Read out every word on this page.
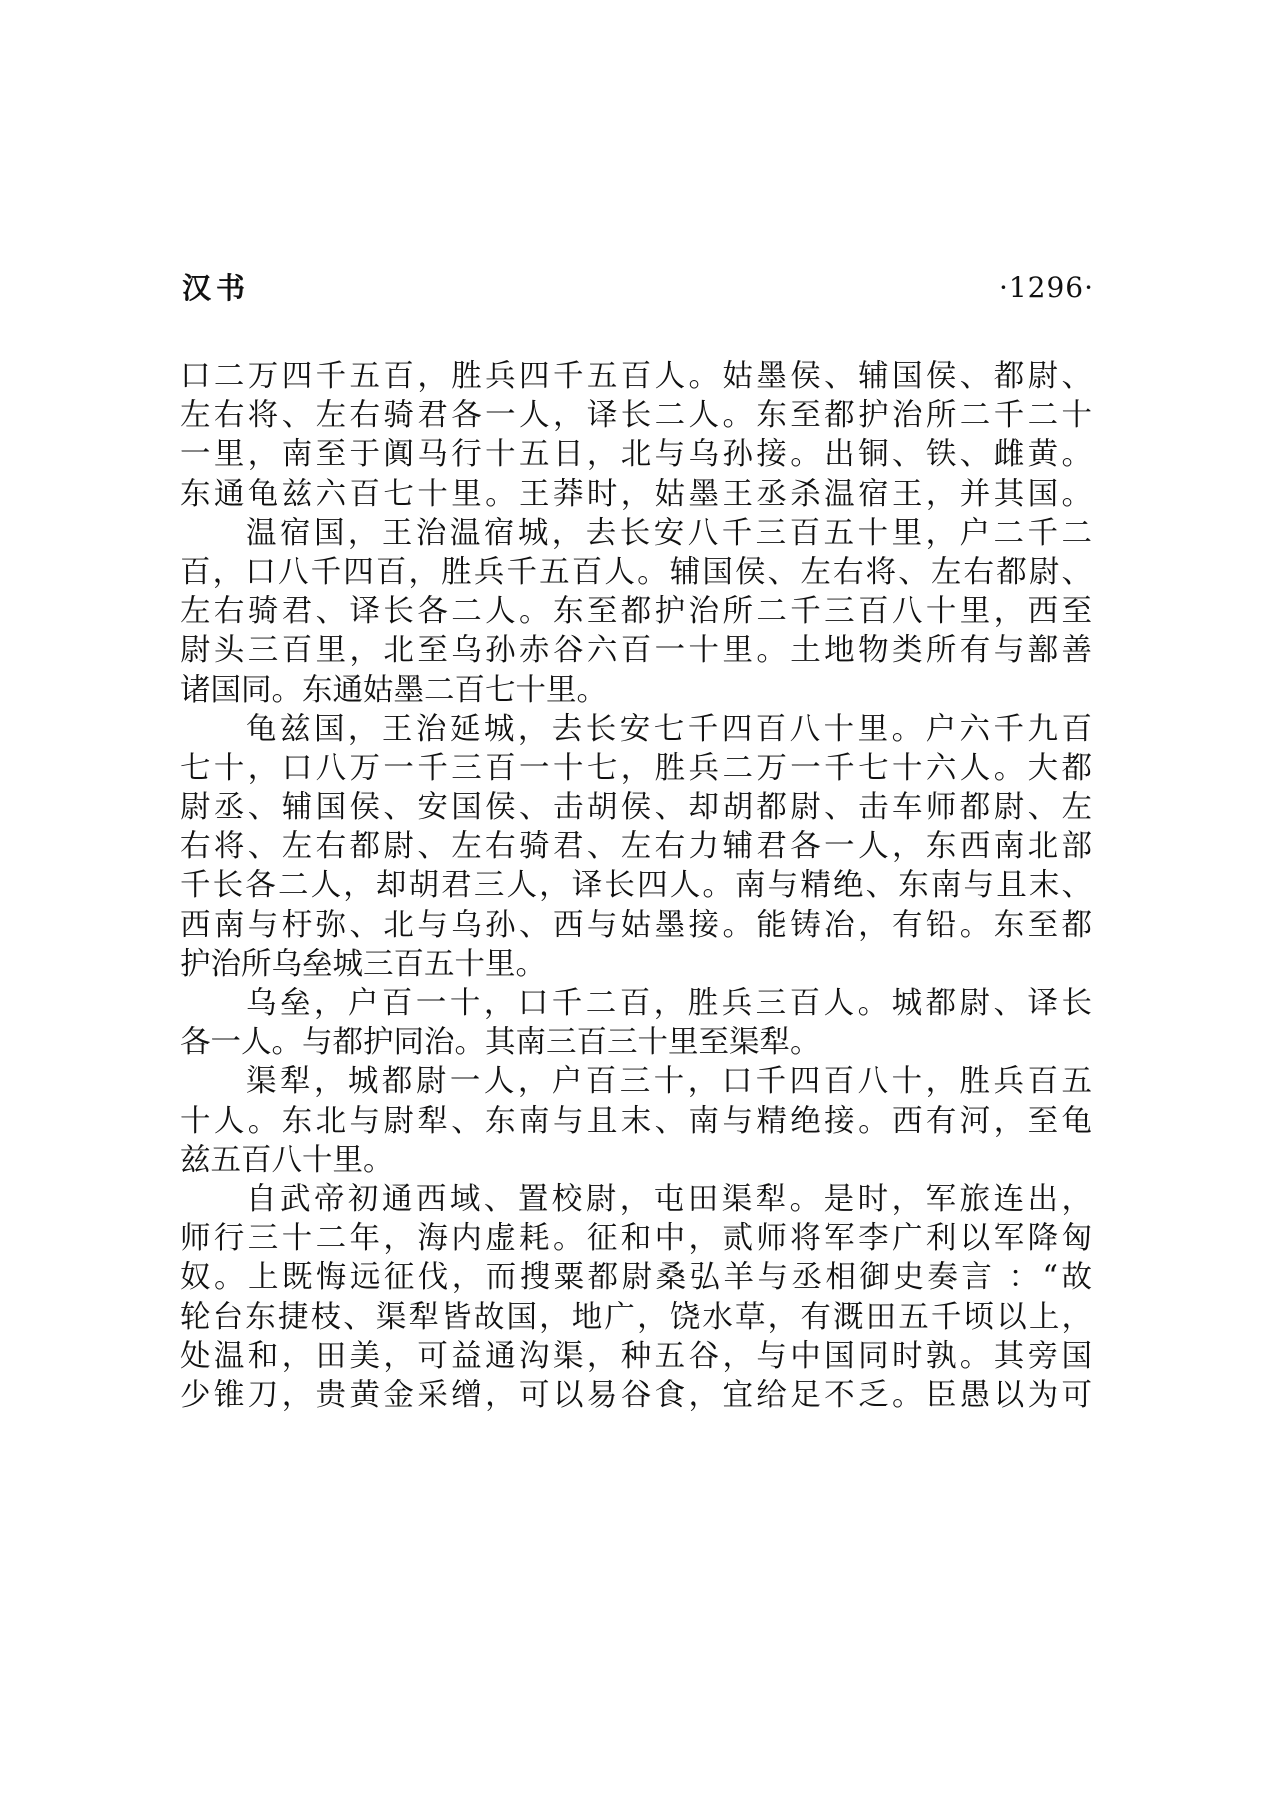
汉书	·1296·
口二万四千五百，胜兵四千五百人。姑墨侯、辅国侯、都尉、
左右将、左右骑君各一人，译长二人。东至都护治所二千二十
一里，南至于阗马行十五日，北与乌孙接。出铜、铁、雌黄。
东通龟兹六百七十里。王莽时，姑墨王丞杀温宿王，并其国。
温宿国，王治温宿城，去长安八千三百五十里，户二千二
百，口八千四百，胜兵千五百人。辅国侯、左右将、左右都尉、
左右骑君、译长各二人。东至都护治所二千三百八十里，西至
尉头三百里，北至乌孙赤谷六百一十里。土地物类所有与鄯善
诸国同。东通姑墨二百七十里。
龟兹国，王治延城，去长安七千四百八十里。户六千九百
七十，口八万一千三百一十七，胜兵二万一千七十六人。大都
尉丞、辅国侯、安国侯、击胡侯、却胡都尉、击车师都尉、左
右将、左右都尉、左右骑君、左右力辅君各一人，东西南北部
千长各二人，却胡君三人，译长四人。南与精绝、东南与且末、
西南与杅弥、北与乌孙、西与姑墨接。能铸冶，有铅。东至都
护治所乌垒城三百五十里。
乌垒，户百一十，口千二百，胜兵三百人。城都尉、译长
各一人。与都护同治。其南三百三十里至渠犁。
渠犁，城都尉一人，户百三十，口千四百八十，胜兵百五
十人。东北与尉犁、东南与且末、南与精绝接。西有河，至龟
兹五百八十里。
自武帝初通西域、置校尉，屯田渠犁。是时，军旅连出，
师行三十二年，海内虚耗。征和中，贰师将军李广利以军降匈
奴。上既悔远征伐，而搜粟都尉桑弘羊与丞相御史奏言 ：“故
轮台东捷枝、渠犁皆故国，地广，饶水草，有溉田五千顷以上，
处温和，田美，可益通沟渠，种五谷，与中国同时孰。其旁国
少锥刀，贵黄金采缯，可以易谷食，宜给足不乏。臣愚以为可
